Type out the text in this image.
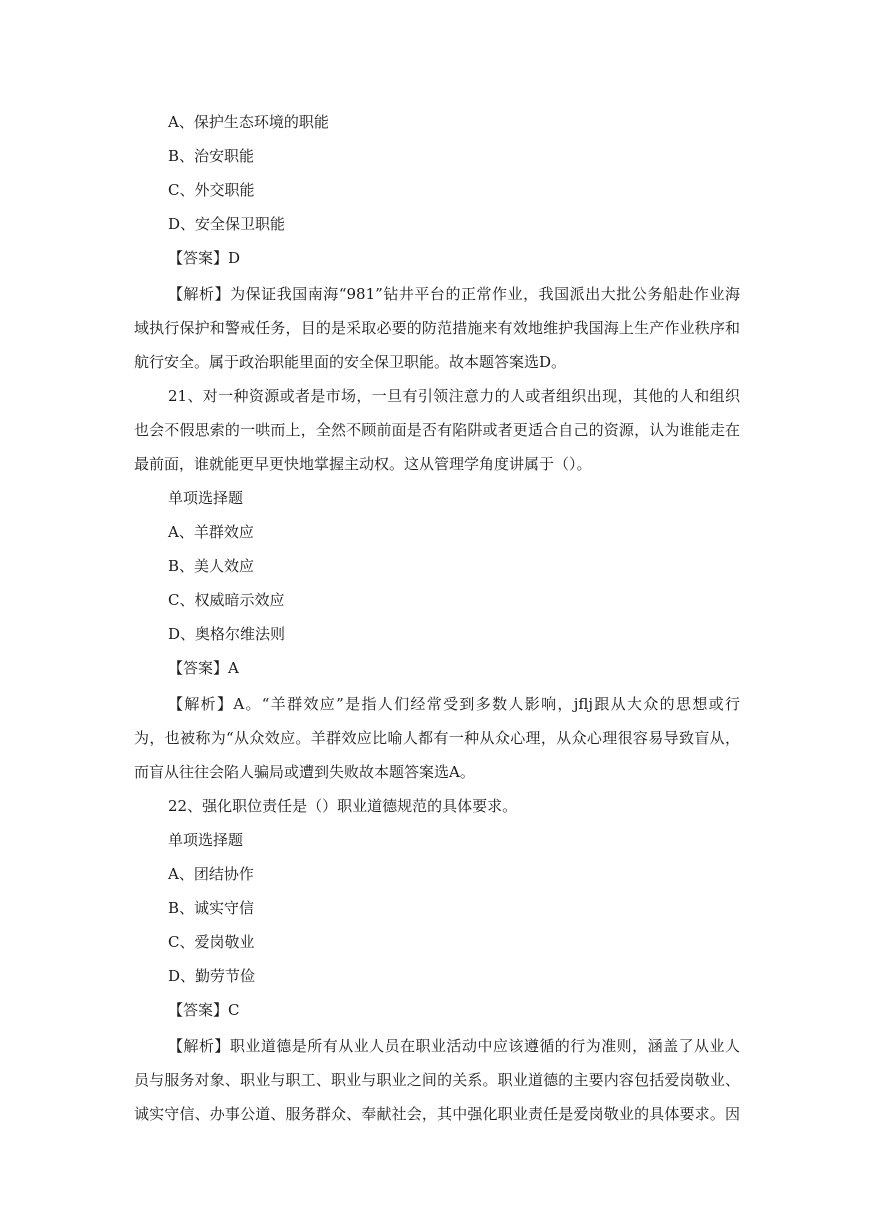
A、保护生态环境的职能
B、治安职能
C、外交职能
D、安全保卫职能
【答案】D
【解析】为保证我国南海“981”钻井平台的正常作业，我国派出大批公务船赴作业海
域执行保护和警戒任务，目的是采取必要的防范措施来有效地维护我国海上生产作业秩序和
航行安全。属于政治职能里面的安全保卫职能。故本题答案选D。
21、对一种资源或者是市场，一旦有引领注意力的人或者组织出现，其他的人和组织
也会不假思索的一哄而上，全然不顾前面是否有陷阱或者更适合自己的资源，认为谁能走在
最前面，谁就能更早更快地掌握主动权。这从管理学角度讲属于（）。
单项选择题
A、羊群效应
B、美人效应
C、权威暗示效应
D、奥格尔维法则
【答案】A
【解析】A。“羊群效应”是指人们经常受到多数人影响，jflj跟从大众的思想或行
为，也被称为“从众效应。羊群效应比喻人都有一种从众心理，从众心理很容易导致盲从，
而盲从往往会陷人骗局或遭到失败故本题答案选A。
22、强化职位责任是（）职业道德规范的具体要求。
单项选择题
A、团结协作
B、诚实守信
C、爱岗敬业
D、勤劳节俭
【答案】C
【解析】职业道德是所有从业人员在职业活动中应该遵循的行为准则，涵盖了从业人
员与服务对象、职业与职工、职业与职业之间的关系。职业道德的主要内容包括爱岗敬业、
诚实守信、办事公道、服务群众、奉献社会，其中强化职业责任是爱岗敬业的具体要求。因
